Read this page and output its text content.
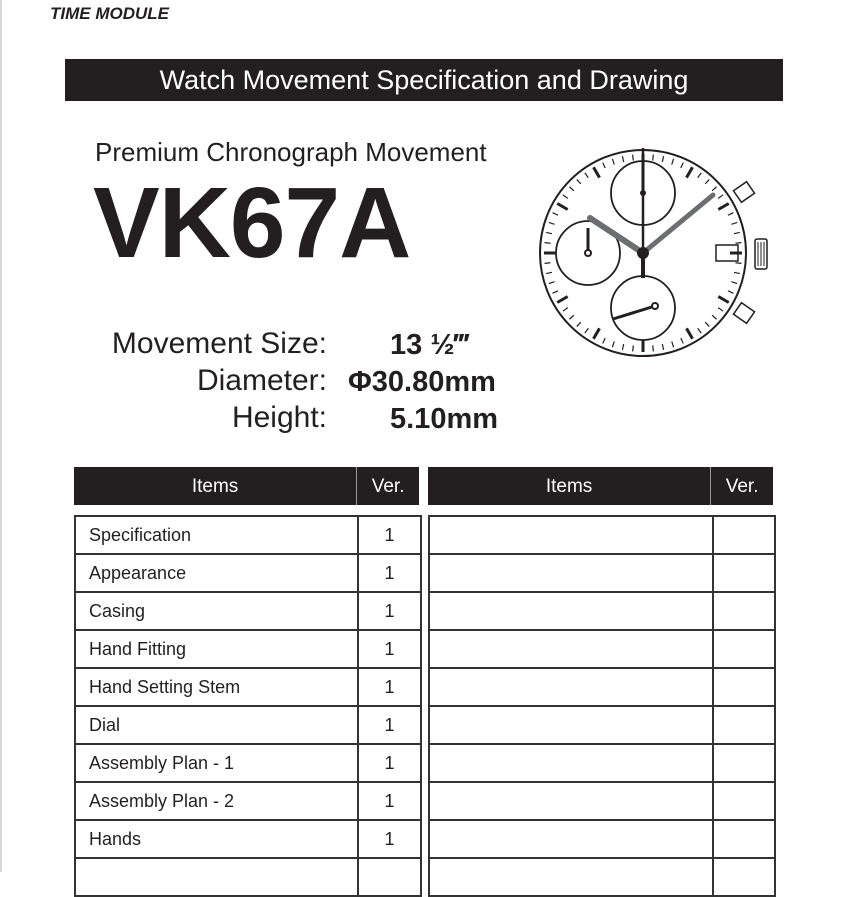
TIME MODULE
Watch Movement Specification and Drawing
Premium Chronograph Movement
VK67A
Movement Size: 13 ½‴
Diameter: Φ30.80mm
Height: 5.10mm
Items	Ver.
Specification	1
Appearance	1
Casing	1
Hand Fitting	1
Hand Setting Stem	1
Dial	1
Assembly Plan - 1	1
Assembly Plan - 2	1
Hands	1
Items	Ver.
